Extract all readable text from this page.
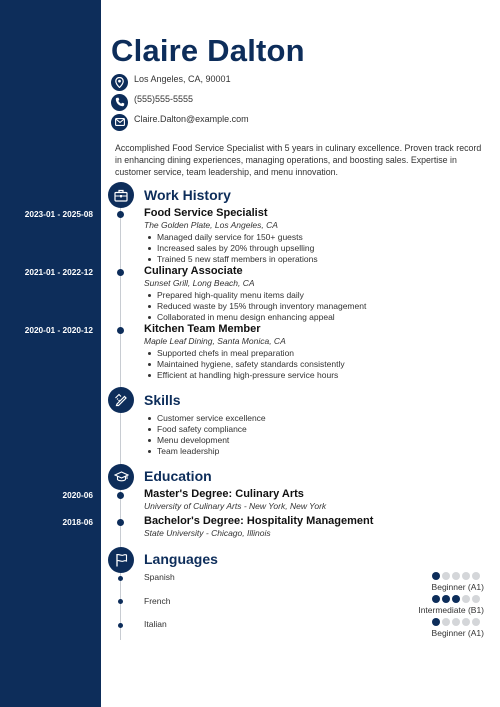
Claire Dalton
Los Angeles, CA, 90001
(555)555-5555
Claire.Dalton@example.com
Accomplished Food Service Specialist with 5 years in culinary excellence. Proven track record in enhancing dining experiences, managing operations, and boosting sales. Expertise in customer service, team leadership, and menu innovation.
Work History
2023-01 - 2025-08	Food Service Specialist
The Golden Plate, Los Angeles, CA
Managed daily service for 150+ guests
Increased sales by 20% through upselling
Trained 5 new staff members in operations
2021-01 - 2022-12	Culinary Associate
Sunset Grill, Long Beach, CA
Prepared high-quality menu items daily
Reduced waste by 15% through inventory management
Collaborated in menu design enhancing appeal
2020-01 - 2020-12	Kitchen Team Member
Maple Leaf Dining, Santa Monica, CA
Supported chefs in meal preparation
Maintained hygiene, safety standards consistently
Efficient at handling high-pressure service hours
Skills
Customer service excellence
Food safety compliance
Menu development
Team leadership
Education
2020-06	Master's Degree: Culinary Arts
University of Culinary Arts - New York, New York
2018-06	Bachelor's Degree: Hospitality Management
State University - Chicago, Illinois
Languages
Spanish
Beginner (A1)
French
Intermediate (B1)
Italian
Beginner (A1)
